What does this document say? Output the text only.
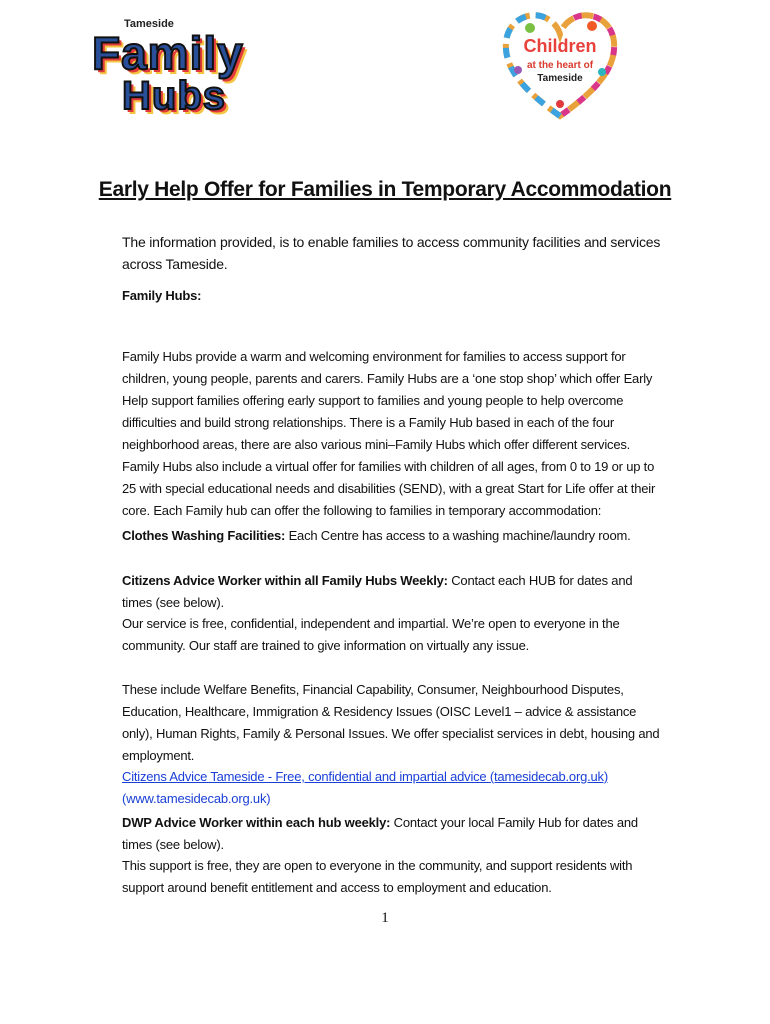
Tameside
Family
Hubs
Children
at the heart of
Tameside
Early Help Offer for Families in Temporary Accommodation
The information provided, is to enable families to access community facilities and services across Tameside.
Family Hubs:
Family Hubs provide a warm and welcoming environment for families to access support for children, young people, parents and carers. Family Hubs are a ‘one stop shop’ which offer Early Help support families offering early support to families and young people to help overcome difficulties and build strong relationships. There is a Family Hub based in each of the four neighborhood areas, there are also various mini–Family Hubs which offer different services. Family Hubs also include a virtual offer for families with children of all ages, from 0 to 19 or up to 25 with special educational needs and disabilities (SEND), with a great Start for Life offer at their core. Each Family hub can offer the following to families in temporary accommodation:
Clothes Washing Facilities: Each Centre has access to a washing machine/laundry room.
Citizens Advice Worker within all Family Hubs Weekly: Contact each HUB for dates and times (see below).
Our service is free, confidential, independent and impartial. We’re open to everyone in the community. Our staff are trained to give information on virtually any issue.
These include Welfare Benefits, Financial Capability, Consumer, Neighbourhood Disputes, Education, Healthcare, Immigration & Residency Issues (OISC Level1 – advice & assistance only), Human Rights, Family & Personal Issues. We offer specialist services in debt, housing and employment.
Citizens Advice Tameside - Free, confidential and impartial advice (tamesidecab.org.uk) (www.tamesidecab.org.uk)
DWP Advice Worker within each hub weekly: Contact your local Family Hub for dates and times (see below).
This support is free, they are open to everyone in the community, and support residents with support around benefit entitlement and access to employment and education.
1
